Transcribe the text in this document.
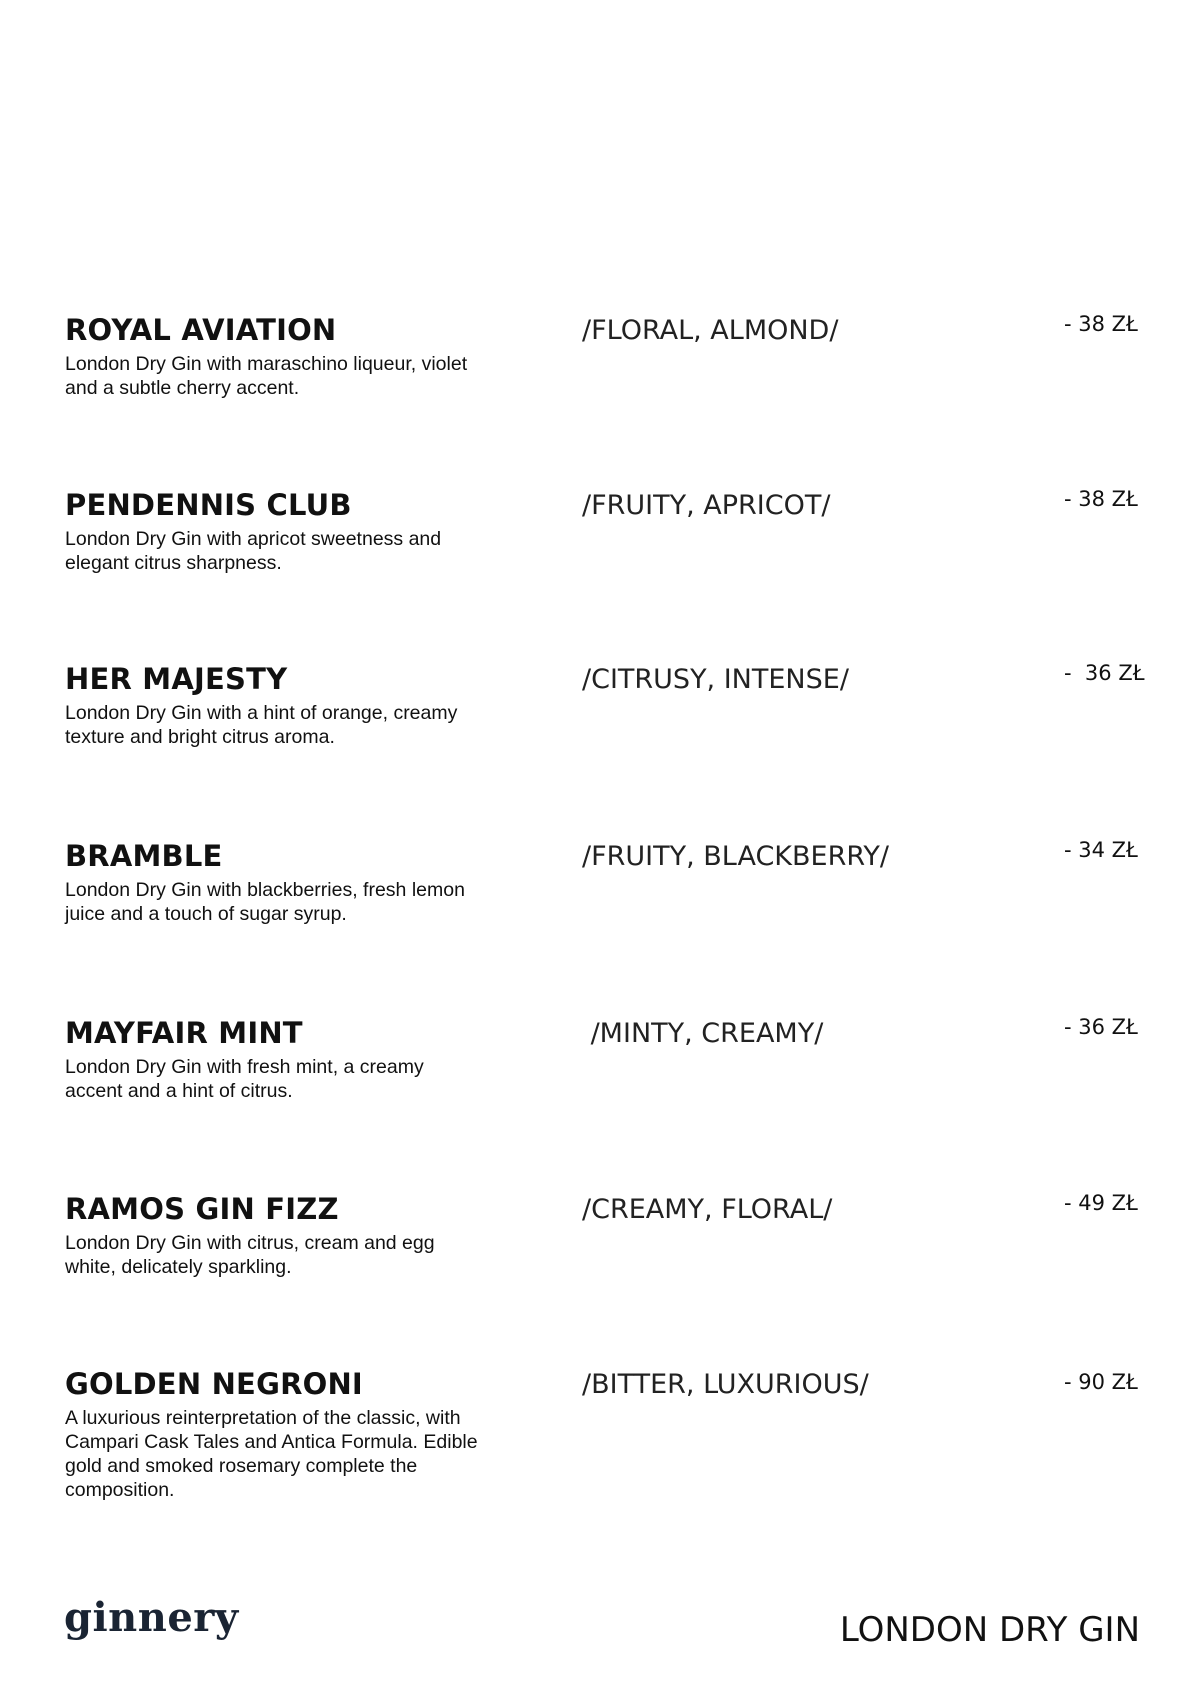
ROYAL AVIATION
London Dry Gin with maraschino liqueur, violet and a subtle cherry accent.
/FLORAL, ALMOND/	- 38 ZŁ
PENDENNIS CLUB
London Dry Gin with apricot sweetness and elegant citrus sharpness.
/FRUITY, APRICOT/	- 38 ZŁ
HER MAJESTY
London Dry Gin with a hint of orange, creamy texture and bright citrus aroma.
/CITRUSY, INTENSE/	-  36 ZŁ
BRAMBLE
London Dry Gin with blackberries, fresh lemon juice and a touch of sugar syrup.
/FRUITY, BLACKBERRY/	- 34 ZŁ
MAYFAIR MINT
London Dry Gin with fresh mint, a creamy accent and a hint of citrus.
/MINTY, CREAMY/	- 36 ZŁ
RAMOS GIN FIZZ
London Dry Gin with citrus, cream and egg white, delicately sparkling.
/CREAMY, FLORAL/	- 49 ZŁ
GOLDEN NEGRONI
A luxurious reinterpretation of the classic, with Campari Cask Tales and Antica Formula. Edible gold and smoked rosemary complete the composition.
/BITTER, LUXURIOUS/	- 90 ZŁ
ginnery	LONDON DRY GIN
